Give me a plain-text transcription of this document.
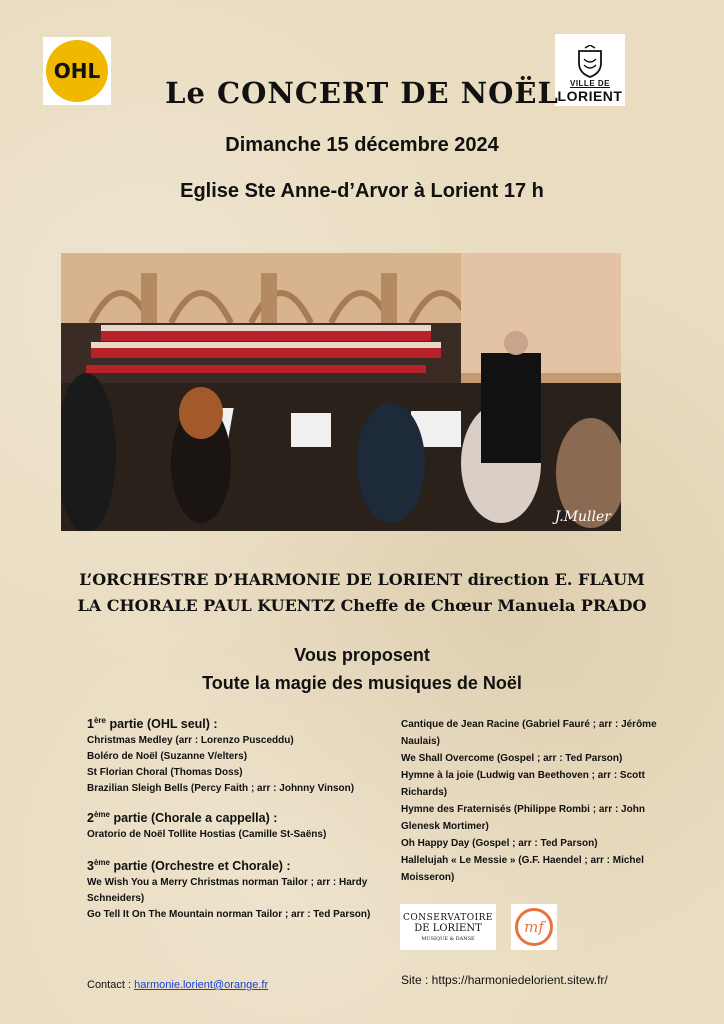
OHL
VILLE DE
LORIENT
Le CONCERT DE NOËL
Dimanche 15 décembre 2024
Eglise Ste Anne-d’Arvor à Lorient 17 h
J.Muller
L’ORCHESTRE D’HARMONIE DE LORIENT direction E. FLAUM
LA CHORALE PAUL KUENTZ Cheffe de Chœur Manuela PRADO
Vous proposent
Toute la magie des musiques de Noël
1ère partie (OHL seul) :
Christmas Medley (arr : Lorenzo Pusceddu)
Boléro de Noël (Suzanne V/elters)
St Florian Choral (Thomas Doss)
Brazilian Sleigh Bells (Percy Faith ; arr : Johnny Vinson)
2ème partie (Chorale a cappella) :
Oratorio de Noël Tollite Hostias (Camille St-Saëns)
3ème partie (Orchestre et Chorale) :
We Wish You a Merry Christmas norman Tailor ; arr : Hardy Schneiders)
Go Tell It On The Mountain norman Tailor ; arr : Ted Parson)
Cantique de Jean Racine (Gabriel Fauré ; arr : Jérôme Naulais)
We Shall Overcome (Gospel ; arr : Ted Parson)
Hymne à la joie (Ludwig van Beethoven ; arr : Scott Richards)
Hymne des Fraternisés (Philippe Rombi ; arr : John Glenesk Mortimer)
Oh Happy Day (Gospel ; arr : Ted Parson)
Hallelujah « Le Messie » (G.F. Haendel ; arr : Michel Moisseron)
CONSERVATOIRE
DE LORIENT
MUSIQUE & DANSE
mf
Contact : harmonie.lorient@orange.fr	Site : https://harmoniedelorient.sitew.fr/
